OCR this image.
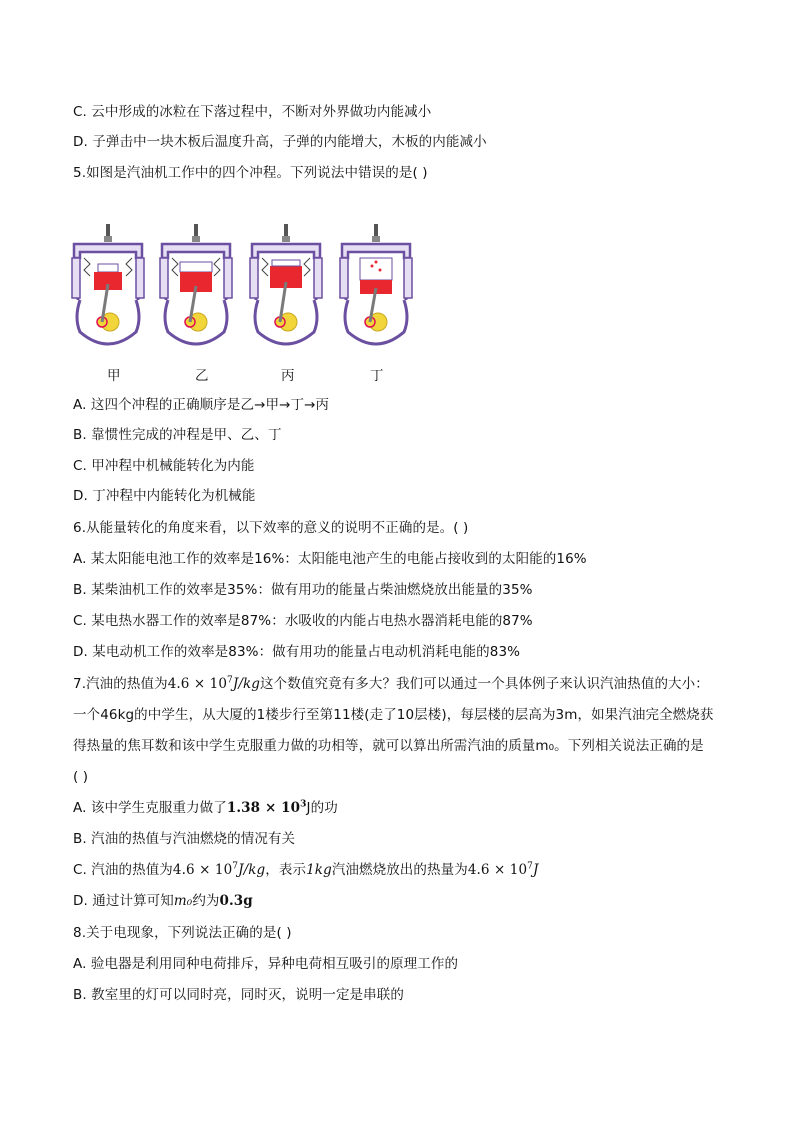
C. 云中形成的冰粒在下落过程中，不断对外界做功内能减小
D. 子弹击中一块木板后温度升高，子弹的内能增大，木板的内能减小
5.如图是汽油机工作中的四个冲程。下列说法中错误的是( )
甲	乙	丙	丁
A. 这四个冲程的正确顺序是乙→甲→丁→丙
B. 靠惯性完成的冲程是甲、乙、丁
C. 甲冲程中机械能转化为内能
D. 丁冲程中内能转化为机械能
6.从能量转化的角度来看，以下效率的意义的说明不正确的是。( )
A. 某太阳能电池工作的效率是16%：太阳能电池产生的电能占接收到的太阳能的16%
B. 某柴油机工作的效率是35%：做有用功的能量占柴油燃烧放出能量的35%
C. 某电热水器工作的效率是87%：水吸收的内能占电热水器消耗电能的87%
D. 某电动机工作的效率是83%：做有用功的能量占电动机消耗电能的83%
7.汽油的热值为$4.6 \times 10^7J/kg$这个数值究竟有多大？我们可以通过一个具体例子来认识汽油热值的大小：
一个46kg的中学生，从大厦的1楼步行至第11楼(走了10层楼)，每层楼的层高为3m，如果汽油完全燃烧获
得热量的焦耳数和该中学生克服重力做的功相等，就可以算出所需汽油的质量m₀。下列相关说法正确的是
( )
A. 该中学生克服重力做了$1.38 \times 10^3J$的功
B. 汽油的热值与汽油燃烧的情况有关
C. 汽油的热值为$4.6 \times 10^7J/kg$，表示1kg汽油燃烧放出的热量为$4.6 \times 10^7J$
D. 通过计算可知m₀约为0.3g
8.关于电现象，下列说法正确的是( )
A. 验电器是利用同种电荷排斥，异种电荷相互吸引的原理工作的
B. 教室里的灯可以同时亮，同时灭，说明一定是串联的
